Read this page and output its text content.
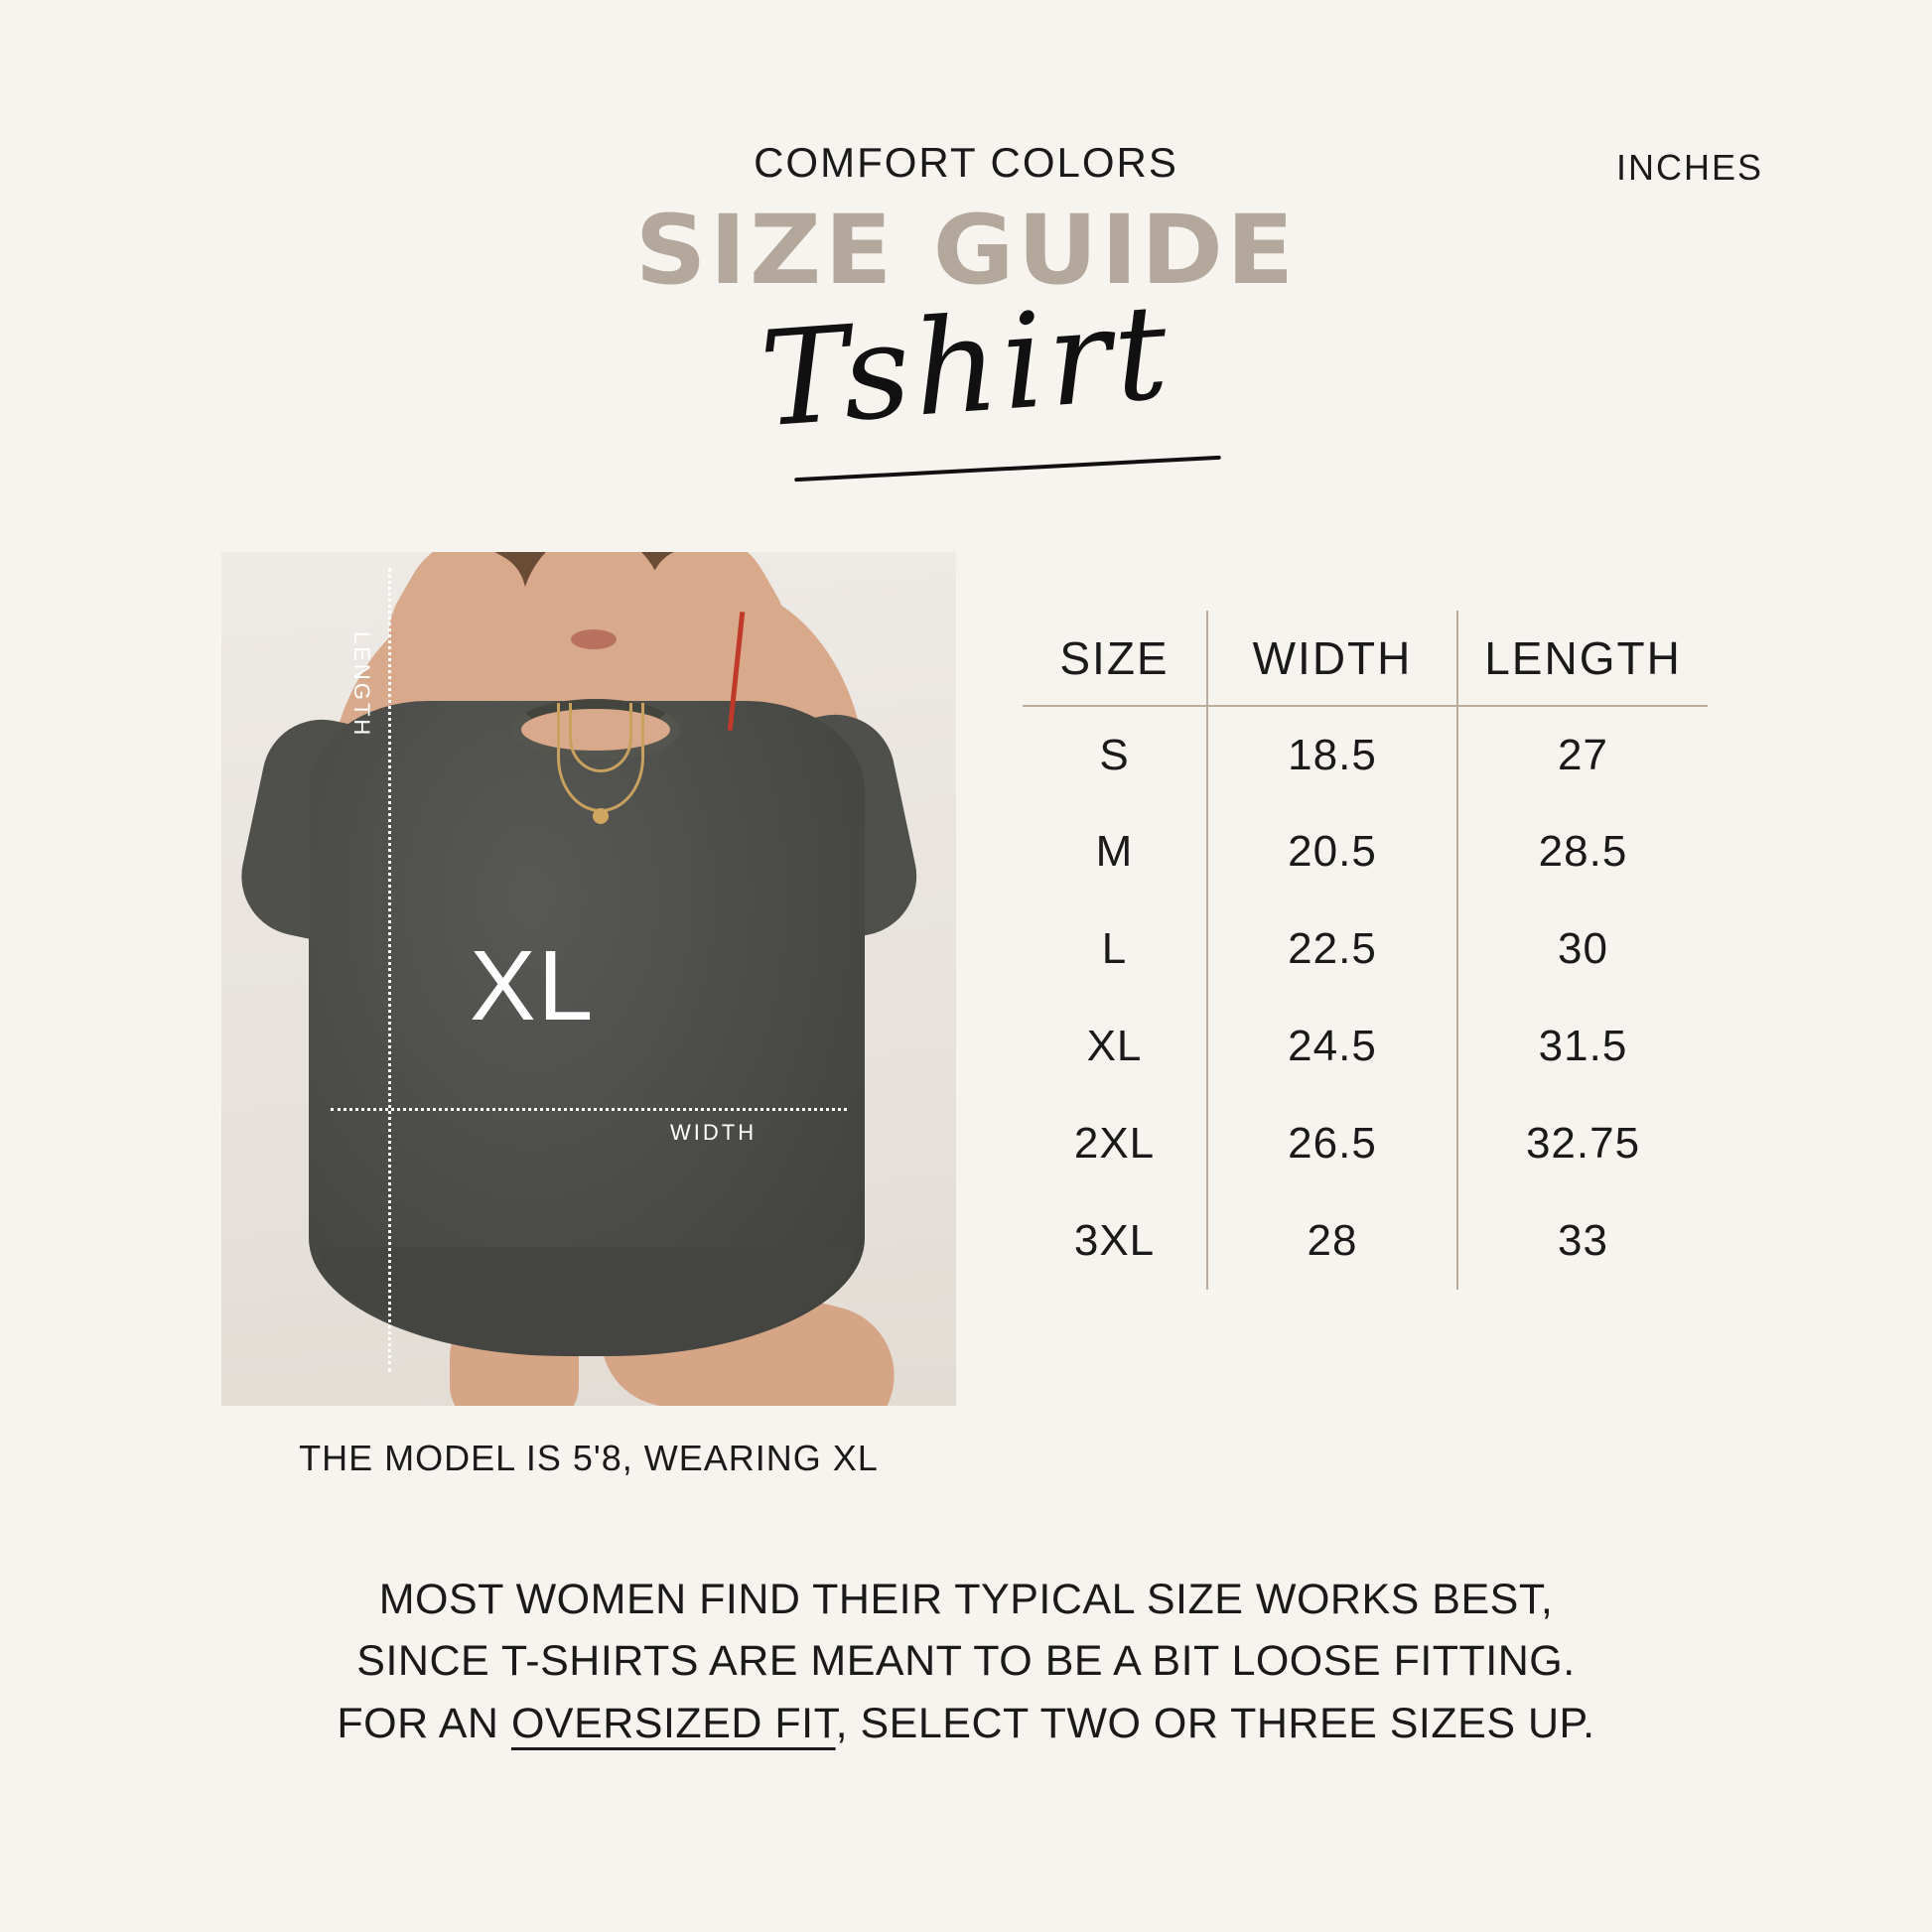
COMFORT COLORS	INCHES
SIZE GUIDE
Tshirt
LENGTH
WIDTH
XL
THE MODEL IS 5'8, WEARING XL
SIZE	WIDTH	LENGTH
S	18.5	27
M	20.5	28.5
L	22.5	30
XL	24.5	31.5
2XL	26.5	32.75
3XL	28	33
MOST WOMEN FIND THEIR TYPICAL SIZE WORKS BEST,
SINCE T-SHIRTS ARE MEANT TO BE A BIT LOOSE FITTING.
FOR AN OVERSIZED FIT, SELECT TWO OR THREE SIZES UP.
